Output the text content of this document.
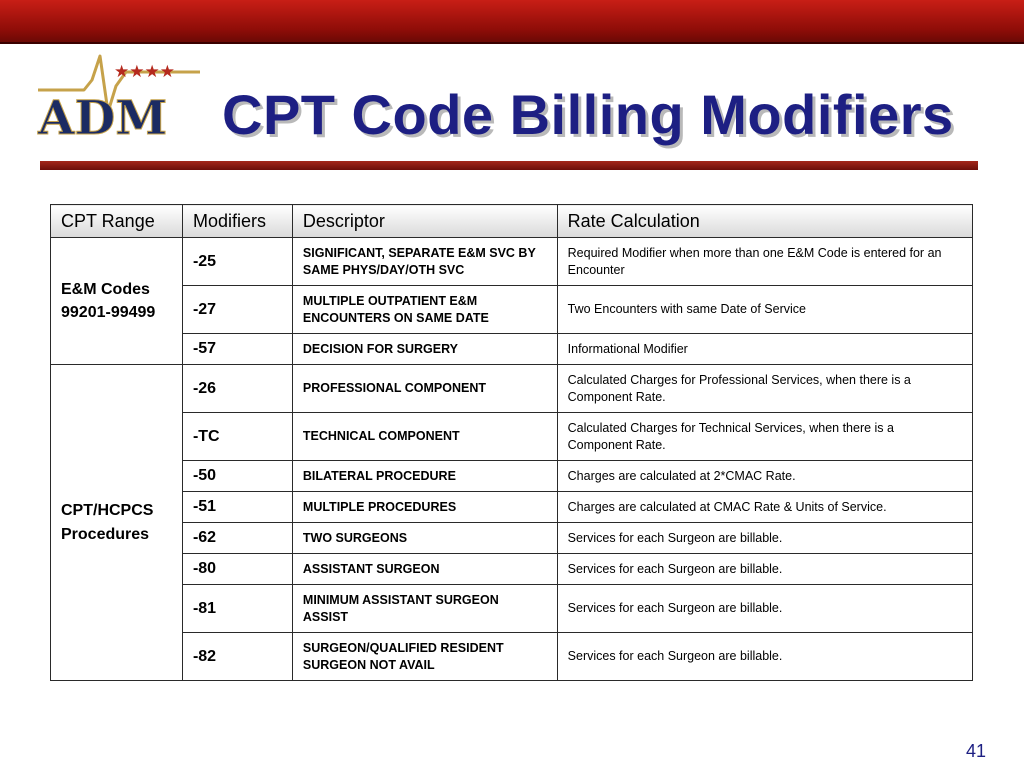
★★★★
ADM CPT Code Billing Modifiers
CPT Range	Modifiers	Descriptor	Rate Calculation
E&M Codes
99201-99499	-25	SIGNIFICANT, SEPARATE E&M SVC BY SAME PHYS/DAY/OTH SVC	Required Modifier when more than one E&M Code is entered for an Encounter
	-27	MULTIPLE OUTPATIENT E&M ENCOUNTERS ON SAME DATE	Two Encounters with same Date of Service
	-57	DECISION FOR SURGERY	Informational Modifier
CPT/HCPCS
Procedures	-26	PROFESSIONAL COMPONENT	Calculated Charges for Professional Services, when there is a Component Rate.
	-TC	TECHNICAL COMPONENT	Calculated Charges for Technical Services, when there is a Component Rate.
	-50	BILATERAL PROCEDURE	Charges are calculated at 2*CMAC Rate.
	-51	MULTIPLE PROCEDURES	Charges are calculated at CMAC Rate & Units of Service.
	-62	TWO SURGEONS	Services for each Surgeon are billable.
	-80	ASSISTANT SURGEON	Services for each Surgeon are billable.
	-81	MINIMUM ASSISTANT SURGEON ASSIST	Services for each Surgeon are billable.
	-82	SURGEON/QUALIFIED RESIDENT SURGEON NOT AVAIL	Services for each Surgeon are billable.
41
